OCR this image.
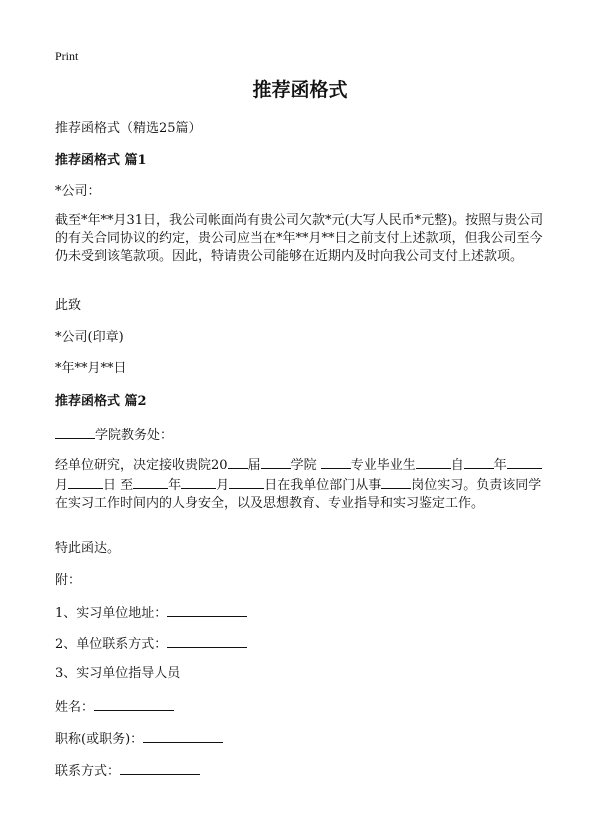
Print
推荐函格式
推荐函格式（精选25篇）
推荐函格式 篇1
*公司：
截至*年**月31日，我公司帐面尚有贵公司欠款*元(大写人民币*元整)。按照与贵公司的有关合同协议的约定，贵公司应当在*年**月**日之前支付上述款项，但我公司至今仍未受到该笔款项。因此，特请贵公司能够在近期内及时向我公司支付上述款项。
此致
*公司(印章)
*年**月**日
推荐函格式 篇2
学院教务处：
经单位研究，决定接收贵院20 届 学院	专业毕业生	自 年月	日 至	年	月	日在我单位部门从事 岗位实习。负责该同学在实习工作时间内的人身安全，以及思想教育、专业指导和实习鉴定工作。
特此函达。
附：
1、实习单位地址：
2、单位联系方式：
3、实习单位指导人员
姓名：
职称(或职务)：
联系方式：
